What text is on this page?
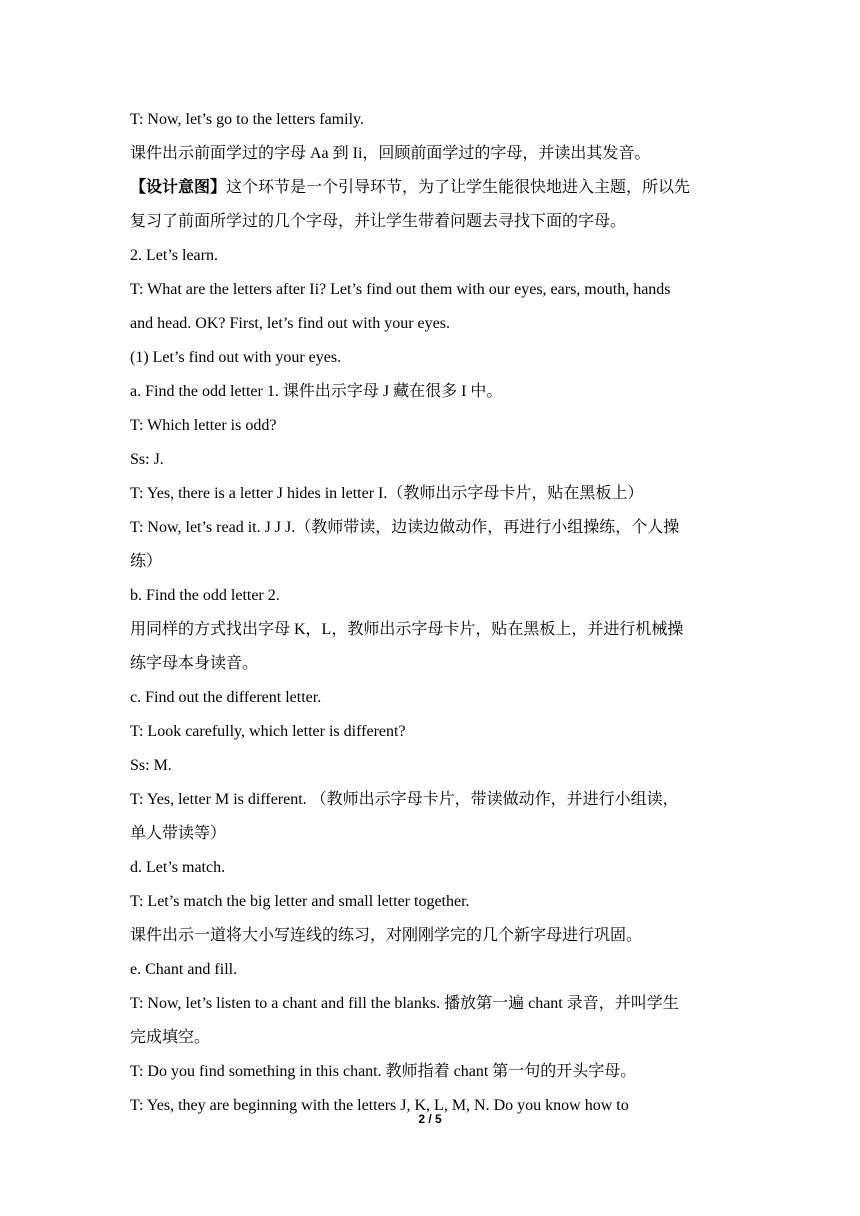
T: Now, let’s go to the letters family.
课件出示前面学过的字母 Aa 到 Ii，回顾前面学过的字母，并读出其发音。
【设计意图】这个环节是一个引导环节，为了让学生能很快地进入主题，所以先
复习了前面所学过的几个字母，并让学生带着问题去寻找下面的字母。
2. Let’s learn.
T: What are the letters after Ii? Let’s find out them with our eyes, ears, mouth, hands
and head. OK? First, let’s find out with your eyes.
(1) Let’s find out with your eyes.
a. Find the odd letter 1. 课件出示字母 J 藏在很多 I 中。
T: Which letter is odd?
Ss: J.
T: Yes, there is a letter J hides in letter I.（教师出示字母卡片，贴在黑板上）
T: Now, let’s read it. J J J.（教师带读，边读边做动作，再进行小组操练，个人操
练）
b. Find the odd letter 2.
用同样的方式找出字母 K，L，教师出示字母卡片，贴在黑板上，并进行机械操
练字母本身读音。
c. Find out the different letter.
T: Look carefully, which letter is different?
Ss: M.
T: Yes, letter M is different. （教师出示字母卡片，带读做动作，并进行小组读，
单人带读等）
d. Let’s match.
T: Let’s match the big letter and small letter together.
课件出示一道将大小写连线的练习，对刚刚学完的几个新字母进行巩固。
e. Chant and fill.
T: Now, let’s listen to a chant and fill the blanks. 播放第一遍 chant 录音，并叫学生
完成填空。
T: Do you find something in this chant. 教师指着 chant 第一句的开头字母。
T: Yes, they are beginning with the letters J, K, L, M, N. Do you know how to
2 / 5
